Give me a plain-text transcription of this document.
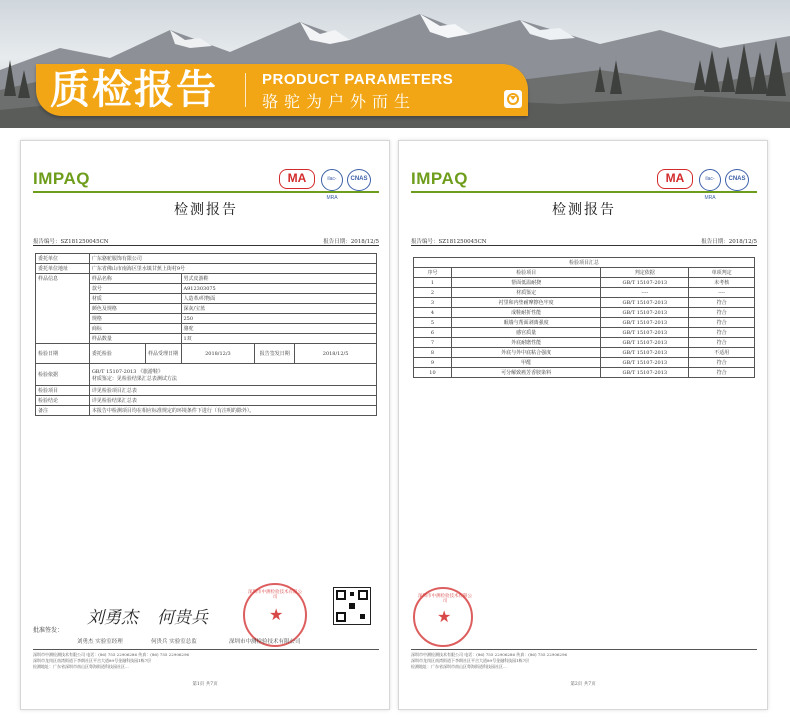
质检报告	PRODUCT PARAMETERS
骆驼为户外而生
IMPAQ	MA	ilac-MRA
CNAS
检测报告
报告编号：SZ181250045CN	报告日期：2018/12/5
委托单位	广东骆驼服饰有限公司				
委托单位地址	广东省佛山市南海区里水镇甘蕉上街村9号				
样品信息	样品名称		男式皮游鞋		
	款号		A912303075		
	材质		人造革/织物面		
	颜色及规格		深灰/宝蓝		
	规格		250		
	商标		骆驼		
	样品数量		1双		
检验日期	委托检验	样品受理日期	2018/12/3	报告签发日期	2018/12/5
检验依据	GB/T 15107-2013 《旅游鞋》
材质鉴定：见检验结果汇总表测试方法				
检验项目	详见检验项目汇总表				
检验结论	详见检验结果汇总表				
备注	本报告中检测项目均在相应标准规定的环境条件下进行（有注明的除外）。				
批准签发：
刘勇杰
刘勇杰 实验室经理
何贵兵
何贵兵 实验室总监
深圳市中测检验技术有限公司
★
深圳市中测检验技术有限公司
深圳市中测检测技术有限公司 电话：(86) 755 22906286 传真：(86) 755 22906296
深圳市龙岗区南湾街道下李朗社区平吉大道89号金融科技园1栋7层
检测地址：广东省深圳市南山区粤海街道科技园社区...
第1页 共7页
IMPAQ	MA	ilac-MRA
CNAS
检测报告
报告编号：SZ181250045CN	报告日期：2018/12/5
检验项目汇总			
序号	检验项目	判定依据	单项判定
1	帮面低温耐挠	GB/T 15107-2013	未考核
2	材质鉴定	----	----
3	衬里和内垫耐摩擦色牢度	GB/T 15107-2013	符合
4	成鞋耐折性能	GB/T 15107-2013	符合
5	眠墙与帮面剥离强度	GB/T 15107-2013	符合
6	感官质量	GB/T 15107-2013	符合
7	外底耐磨性能	GB/T 15107-2013	符合
8	外底与外中底粘合强度	GB/T 15107-2013	不适用
9	甲醛	GB/T 15107-2013	符合
10	可分解致癌芳香胺染料	GB/T 15107-2013	符合
深圳市中测检验技术有限公司
★
深圳市中测检测技术有限公司 电话：(86) 755 22906286 传真：(86) 755 22906296
深圳市龙岗区南湾街道下李朗社区平吉大道89号金融科技园1栋7层
检测地址：广东省深圳市南山区粤海街道科技园社区...
第2页 共7页
